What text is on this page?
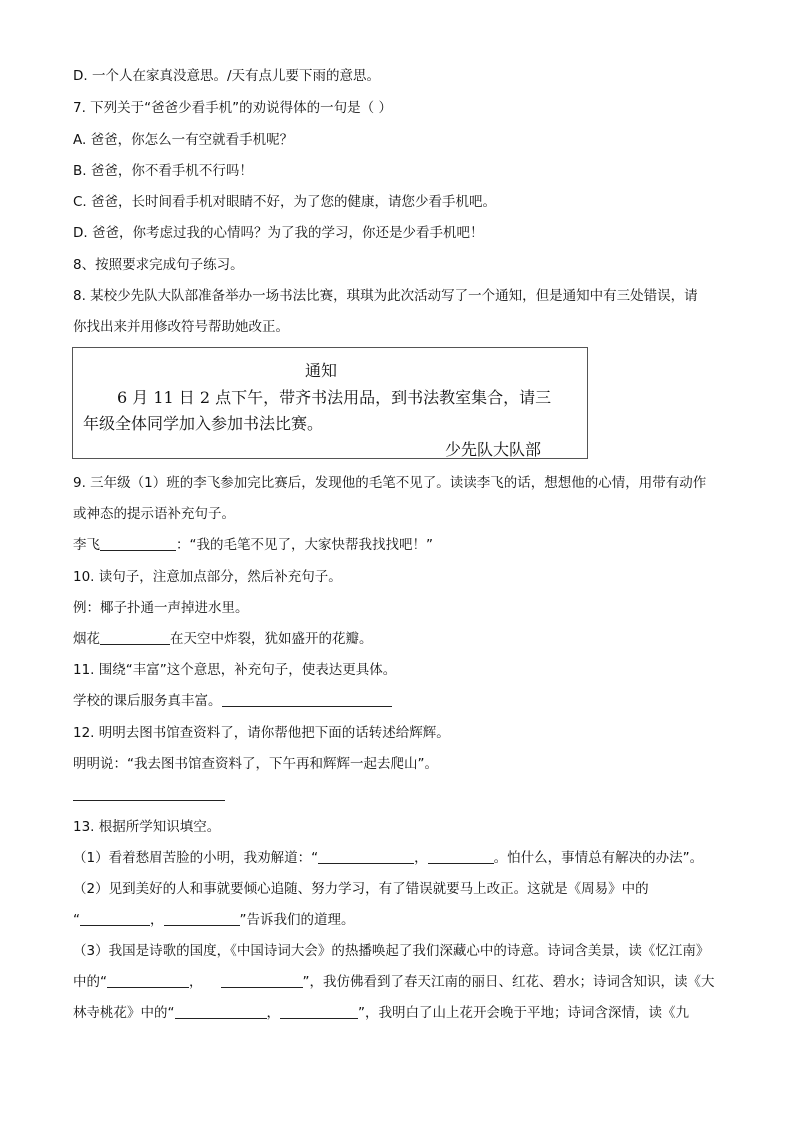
D. 一个人在家真没意思。/天有点儿要下雨的意思。
7. 下列关于“爸爸少看手机”的劝说得体的一句是（ ）
A. 爸爸，你怎么一有空就看手机呢？
B. 爸爸，你不看手机不行吗！
C. 爸爸，长时间看手机对眼睛不好，为了您的健康，请您少看手机吧。
D. 爸爸，你考虑过我的心情吗？为了我的学习，你还是少看手机吧！
8、按照要求完成句子练习。
8. 某校少先队大队部准备举办一场书法比赛，琪琪为此次活动写了一个通知，但是通知中有三处错误，请
你找出来并用修改符号帮助她改正。
通知
6 月 11 日 2 点下午，带齐书法用品，到书法教室集合，请三
年级全体同学加入参加书法比赛。
少先队大队部
9. 三年级（1）班的李飞参加完比赛后，发现他的毛笔不见了。读读李飞的话，想想他的心情，用带有动作
或神态的提示语补充句子。
李飞	：“我的毛笔不见了，大家快帮我找找吧！”
10. 读句子，注意加点部分，然后补充句子。
例：椰子扑通一声掉进水里。
烟花	在天空中炸裂，犹如盛开的花瓣。
11. 围绕“丰富”这个意思，补充句子，使表达更具体。
学校的课后服务真丰富。
12. 明明去图书馆查资料了，请你帮他把下面的话转述给辉辉。
明明说：“我去图书馆查资料了，下午再和辉辉一起去爬山”。
13. 根据所学知识填空。
（1）看着愁眉苦脸的小明，我劝解道：“	，	。怕什么，事情总有解决的办法”。
（2）见到美好的人和事就要倾心追随、努力学习，有了错误就要马上改正。这就是《周易》中的
“	，	”告诉我们的道理。
（3）我国是诗歌的国度，《中国诗词大会》的热播唤起了我们深藏心中的诗意。诗词含美景，读《忆江南》
中的“	，	”，我仿佛看到了春天江南的丽日、红花、碧水；诗词含知识，读《大
林寺桃花》中的“	，	”，我明白了山上花开会晚于平地；诗词含深情，读《九
